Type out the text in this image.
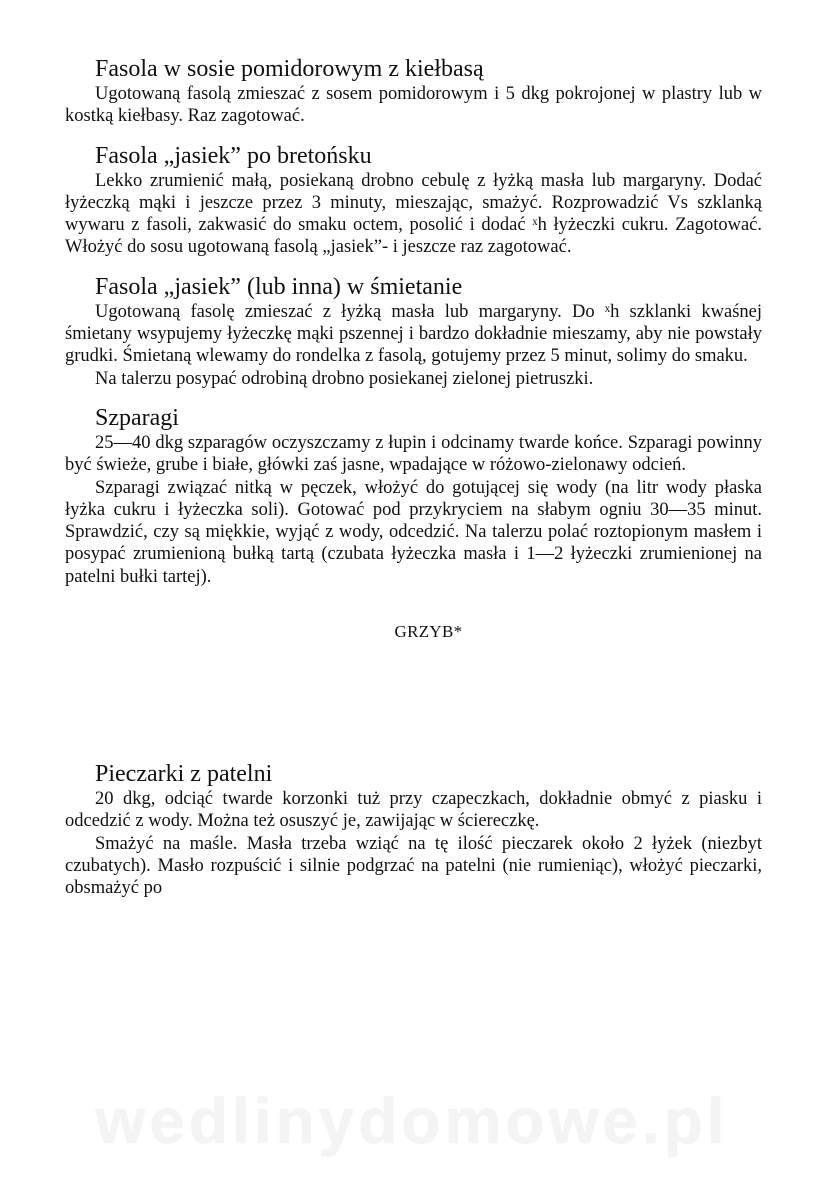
Fasola w sosie pomidorowym z kiełbasą

Ugotowaną fasolą zmieszać z sosem pomidorowym i 5 dkg pokrojonej w plastry lub w kostką kiełbasy. Raz zagotować.

Fasola „jasiek” po bretońsku

Lekko zrumienić małą, posiekaną drobno cebulę z łyżką masła lub margaryny. Dodać łyżeczką mąki i jeszcze przez 3 minuty, mieszając, smażyć. Rozprowadzić Vs szklanką wywaru z fasoli, zakwasić do smaku octem, posolić i dodać ˣh łyżeczki cukru. Zagotować. Włożyć do sosu ugotowaną fasolą „jasiek”- i jeszcze raz zagotować.

Fasola „jasiek” (lub inna) w śmietanie

Ugotowaną fasolę zmieszać z łyżką masła lub margaryny. Do ˣh szklanki kwaśnej śmietany wsypujemy łyżeczkę mąki pszennej i bardzo dokładnie mieszamy, aby nie powstały grudki. Śmietaną wlewamy do rondelka z fasolą, gotujemy przez 5 minut, solimy do smaku.

Na talerzu posypać odrobiną drobno posiekanej zielonej pietruszki.

Szparagi

25—40 dkg szparagów oczyszczamy z łupin i odcinamy twarde końce. Szparagi powinny być świeże, grube i białe, główki zaś jasne, wpadające w różowo-zielonawy odcień.

Szparagi związać nitką w pęczek, włożyć do gotującej się wody (na litr wody płaska łyżka cukru i łyżeczka soli). Gotować pod przykryciem na słabym ogniu 30—35 minut. Sprawdzić, czy są miękkie, wyjąć z wody, odcedzić. Na talerzu polać roztopionym masłem i posypać zrumienioną bułką tartą (czubata łyżeczka masła i 1—2 łyżeczki zrumienionej na patelni bułki tartej).

GRZYB*
Pieczarki z patelni

20 dkg, odciąć twarde korzonki tuż przy czapeczkach, dokładnie obmyć z piasku i odcedzić z wody. Można też osuszyć je, zawijając w ściereczkę.

Smażyć na maśle. Masła trzeba wziąć na tę ilość pieczarek około 2 łyżek (niezbyt czubatych). Masło rozpuścić i silnie podgrzać na patelni (nie rumieniąc), włożyć pieczarki, obsmażyć po

wedlinydomowe.pl
